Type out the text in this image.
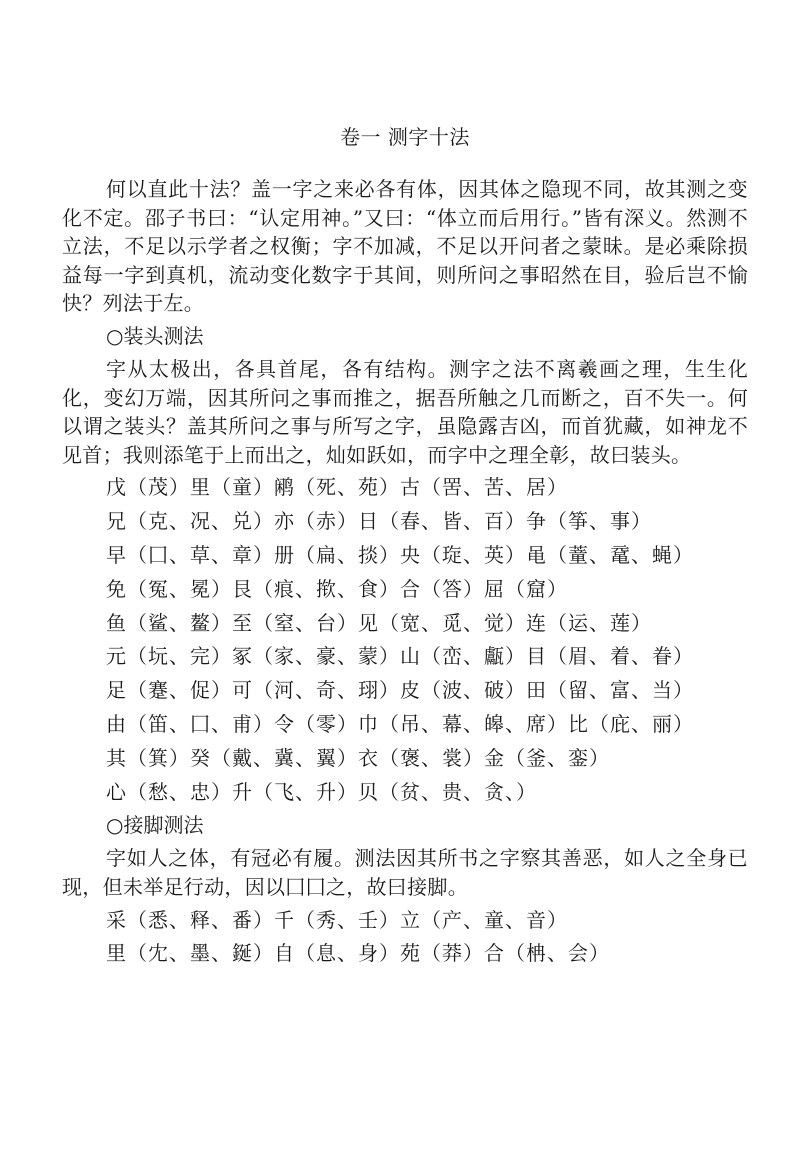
卷一 测字十法

何以直此十法？盖一字之来必各有体，因其体之隐现不同，故其测之变化不定。邵子书曰：“认定用神。”又曰：“体立而后用行。”皆有深义。然测不立法，不足以示学者之权衡；字不加减，不足以开问者之蒙昧。是必乘除损益每一字到真机，流动变化数字于其间，则所问之事昭然在目，验后岂不愉快？列法于左。

○装头测法

字从太极出，各具首尾，各有结构。测字之法不离羲画之理，生生化化，变幻万端，因其所问之事而推之，据吾所触之几而断之，百不失一。何以谓之装头？盖其所问之事与所写之字，虽隐露吉凶，而首犹藏，如神龙不见首；我则添笔于上而出之，灿如跃如，而字中之理全彰，故曰装头。

戊（茂）里（童）鹇（死、苑）古（罟、苦、居）
兄（克、况、兑）亦（赤）日（春、皆、百）争（筝、事）
早（囗、草、章）册（扁、掞）央（琁、英）黾（蕫、鼋、蝇）
免（冤、冕）艮（痕、揿、食）合（答）屈（窟）
鱼（鲨、鳌）至（窒、台）见（宽、觅、觉）连（运、莲）
元（坃、完）冢（家、豪、蒙）山（峦、甗）目（眉、着、眷）
足（蹇、促）可（河、奇、珝）皮（波、破）田（留、富、当）
由（笛、囗、甫）令（零）巾（吊、幕、皞、席）比（庇、丽）
其（箕）癸（戴、冀、翼）衣（褒、裳）金（釜、銮）
心（愁、忠）升（飞、升）贝（贫、贵、贪、）
○接脚测法

字如人之体，有冠必有履。测法因其所书之字察其善恶，如人之全身已现，但未举足行动，因以囗囗之，故曰接脚。

采（悉、释、番）千（秀、壬）立（产、童、音）
里（冘、墨、鋋）自（息、身）苑（莽）合（柟、会）
